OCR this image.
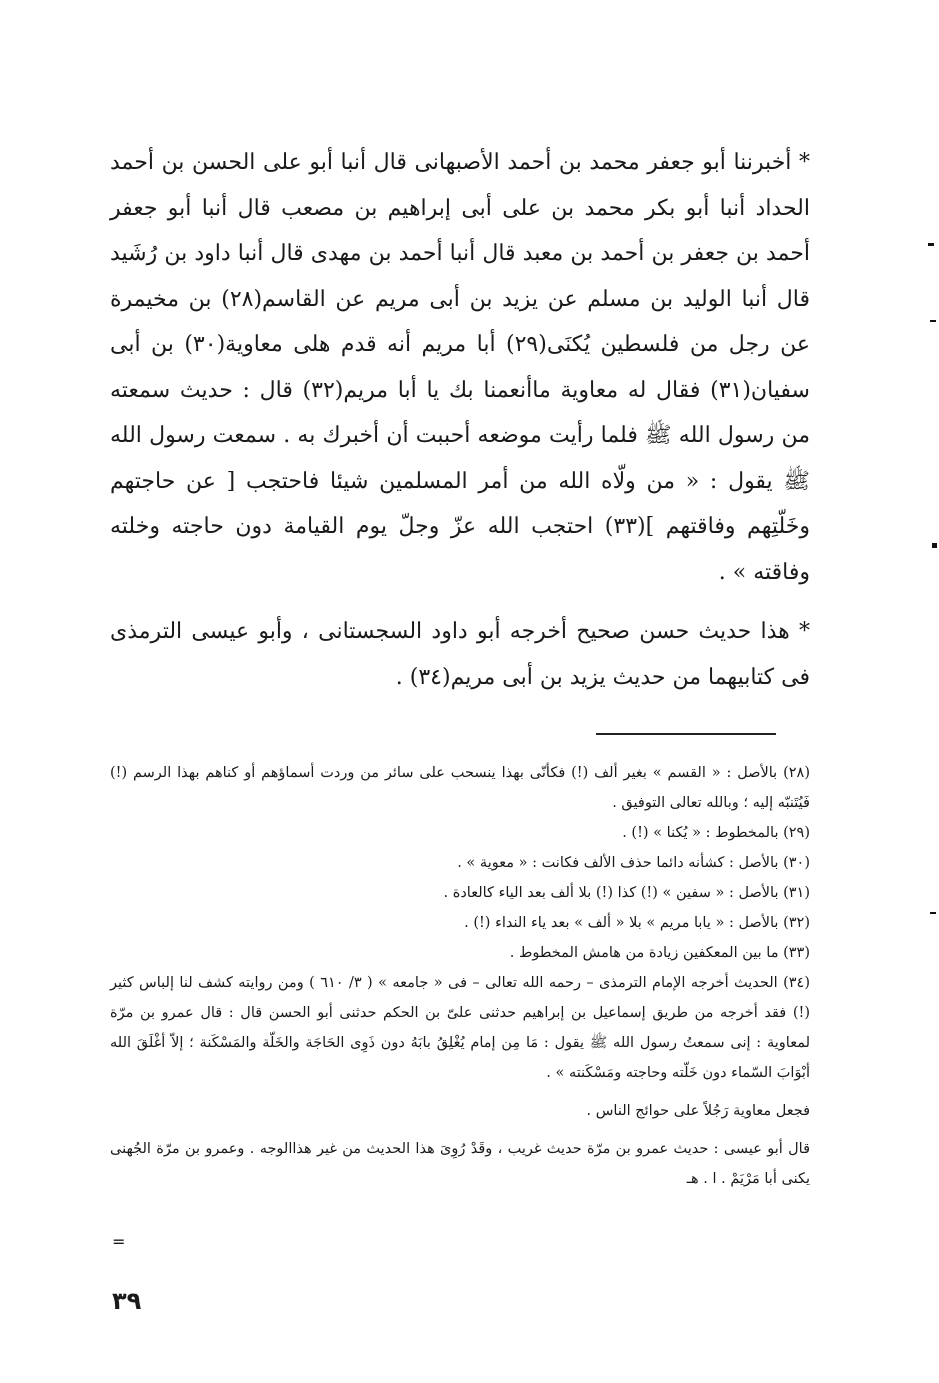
* أخبرننا أبو جعفر محمد بن أحمد الأصبهانى قال أنبا أبو على الحسن بن أحمد الحداد أنبا أبو بكر محمد بن على أبى إبراهيم بن مصعب قال أنبا أبو جعفر أحمد بن جعفر بن أحمد بن معبد قال أنبا أحمد بن مهدى قال أنبا داود بن رُشَيد قال أنبا الوليد بن مسلم عن يزيد بن أبى مريم عن القاسم(٢٨) بن مخيمرة عن رجل من فلسطين يُكنَى(٢٩) أبا مريم أنه قدم هلى معاوية(٣٠) بن أبى سفيان(٣١) فقال له معاوية ماأنعمنا بك يا أبا مريم(٣٢) قال : حديث سمعته من رسول الله ﷺ فلما رأيت موضعه أحببت أن أخبرك به . سمعت رسول الله ﷺ يقول : « من ولّاه الله من أمر المسلمين شيئا فاحتجب [ عن حاجتهم وخَلّتِهم وفاقتهم ](٣٣) احتجب الله عزّ وجلّ يوم القيامة دون حاجته وخلته وفاقته » .

* هذا حديث حسن صحيح أخرجه أبو داود السجستانى ، وأبو عيسى الترمذى فى كتابيهما من حديث يزيد بن أبى مريم(٣٤) .

(٢٨) بالأصل : « القسم » بغير ألف (!) فكأنّى بهذا ينسحب على سائر من وردت أسماؤهم أو كناهم بهذا الرسم (!) فَيُتَنبّه إليه ؛ وبالله تعالى التوفيق .

(٢٩) بالمخطوط : « يُكنا » (!) .

(٣٠) بالأصل : كشأنه دائما حذف الألف فكانت : « معوية » .

(٣١) بالأصل : « سفين » (!) كذا (!) بلا ألف بعد الياء كالعادة .

(٣٢) بالأصل : « يابا مريم » بلا « ألف » بعد ياء النداء (!) .

(٣٣) ما بين المعكفين زيادة من هامش المخطوط .

(٣٤) الحديث أخرجه الإمام الترمذى – رحمه الله تعالى – فى « جامعه » ( ٣/ ٦١٠ ) ومن روايته كشف لنا إلباس كثير (!) فقد أخرجه من طريق إسماعيل بن إبراهيم حدثنى علىّ بن الحكم حدثنى أبو الحسن قال : قال عمرو بن مرّة لمعاوية : إنى سمعتُ رسول الله ﷺ يقول : مَا مِن إمام يُغْلِقُ بابَهُ دون ذَوِى الحَاجَة والخَلّة والمَسْكَنة ؛ إلاّ أغْلَقَ الله أبْوَابَ السّماء دون خَلّته وحاجته ومَسْكَنته » .

فجعل معاوية رَجُلاً على حوائج الناس .

قال أبو عيسى : حديث عمرو بن مرّة حديث غريب ، وقَدْ رُوِىَ هذا الحديث من غير هذاالوجه . وعمرو بن مرّة الجُهنى يكنى أبا مَرْيَمْ . ا . هـ

=
٣٩
